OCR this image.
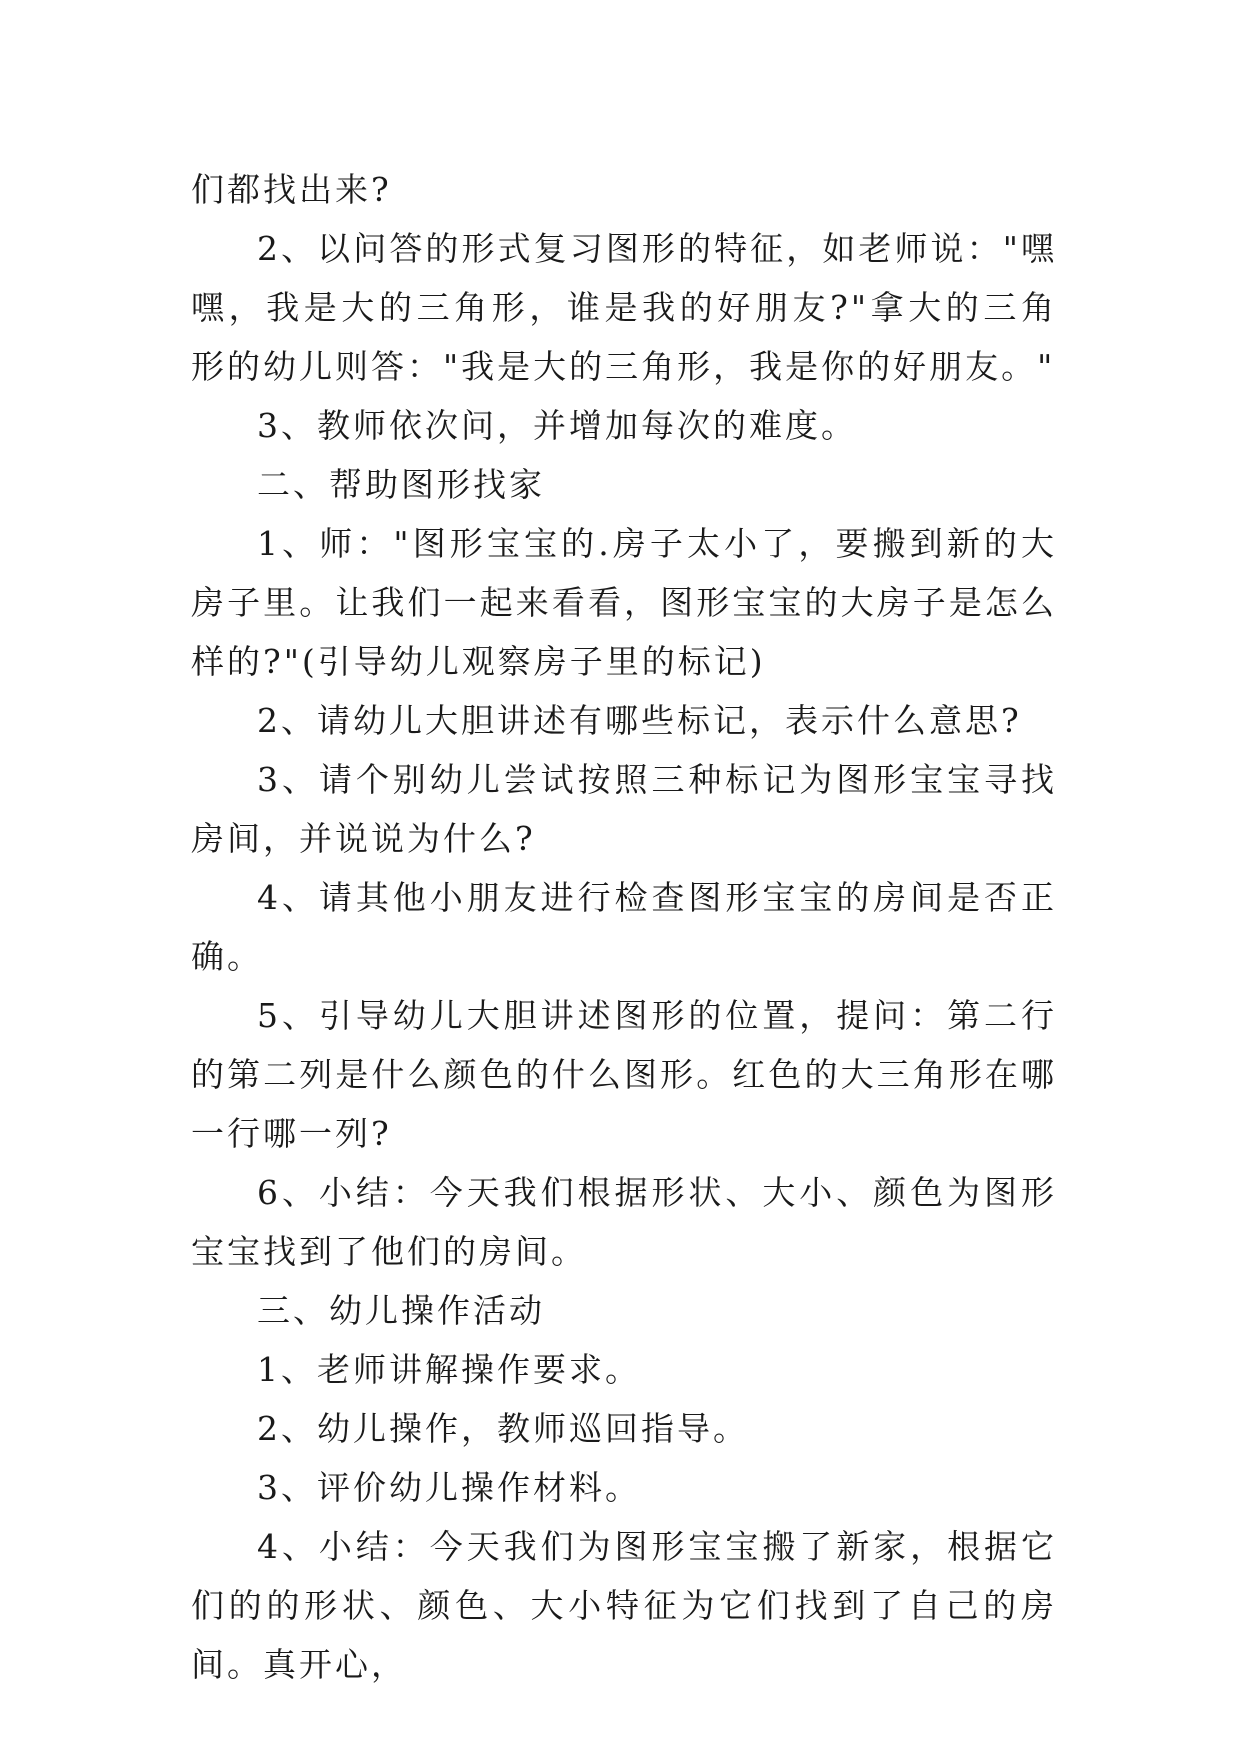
们都找出来?

2、以问答的形式复习图形的特征，如老师说："嘿嘿，我是大的三角形，谁是我的好朋友?"拿大的三角形的幼儿则答："我是大的三角形，我是你的好朋友。"

3、教师依次问，并增加每次的难度。

二、帮助图形找家

1、师："图形宝宝的.房子太小了，要搬到新的大房子里。让我们一起来看看，图形宝宝的大房子是怎么样的?"(引导幼儿观察房子里的标记)

2、请幼儿大胆讲述有哪些标记，表示什么意思?

3、请个别幼儿尝试按照三种标记为图形宝宝寻找房间，并说说为什么?

4、请其他小朋友进行检查图形宝宝的房间是否正确。

5、引导幼儿大胆讲述图形的位置，提问：第二行的第二列是什么颜色的什么图形。红色的大三角形在哪一行哪一列?

6、小结：今天我们根据形状、大小、颜色为图形宝宝找到了他们的房间。

三、幼儿操作活动

1、老师讲解操作要求。

2、幼儿操作，教师巡回指导。

3、评价幼儿操作材料。

4、小结：今天我们为图形宝宝搬了新家，根据它们的的形状、颜色、大小特征为它们找到了自己的房间。真开心，
